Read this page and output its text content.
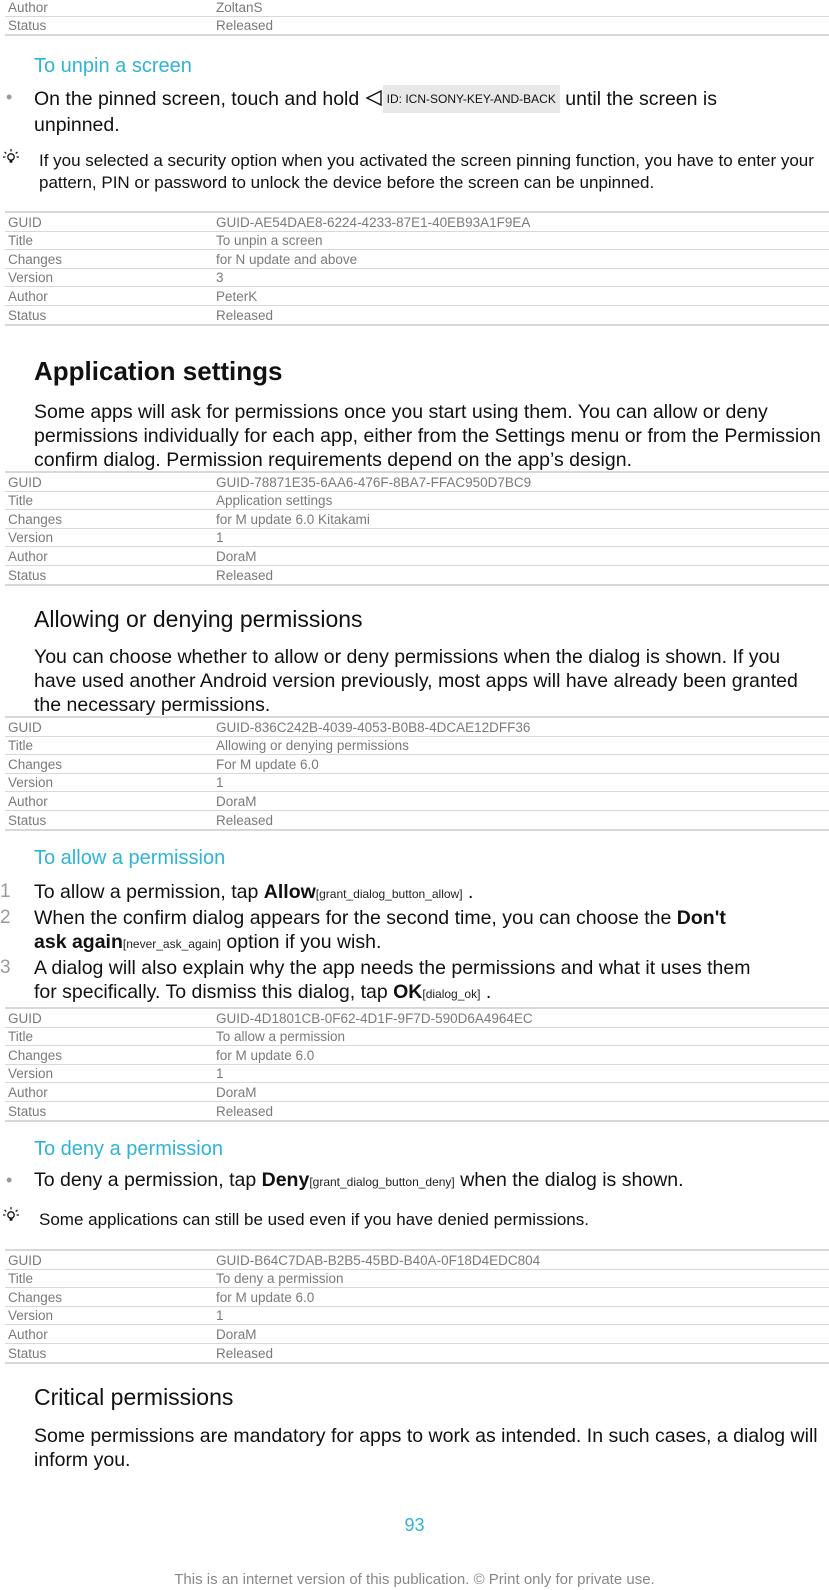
Author	ZoltanS
Status	Released
To unpin a screen
• On the pinned screen, touch and hold ID: ICN-SONY-KEY-AND-BACK until the screen is unpinned.
If you selected a security option when you activated the screen pinning function, you have to enter your pattern, PIN or password to unlock the device before the screen can be unpinned.
GUID	GUID-AE54DAE8-6224-4233-87E1-40EB93A1F9EA
Title	To unpin a screen
Changes	for N update and above
Version	3
Author	PeterK
Status	Released
Application settings
Some apps will ask for permissions once you start using them. You can allow or deny permissions individually for each app, either from the Settings menu or from the Permission confirm dialog. Permission requirements depend on the app’s design.
GUID	GUID-78871E35-6AA6-476F-8BA7-FFAC950D7BC9
Title	Application settings
Changes	for M update 6.0 Kitakami
Version	1
Author	DoraM
Status	Released
Allowing or denying permissions
You can choose whether to allow or deny permissions when the dialog is shown. If you have used another Android version previously, most apps will have already been granted the necessary permissions.
GUID	GUID-836C242B-4039-4053-B0B8-4DCAE12DFF36
Title	Allowing or denying permissions
Changes	For M update 6.0
Version	1
Author	DoraM
Status	Released
To allow a permission
1 To allow a permission, tap Allow[grant_dialog_button_allow] .
2 When the confirm dialog appears for the second time, you can choose the Don't ask again[never_ask_again] option if you wish.
3 A dialog will also explain why the app needs the permissions and what it uses them for specifically. To dismiss this dialog, tap OK[dialog_ok] .
GUID	GUID-4D1801CB-0F62-4D1F-9F7D-590D6A4964EC
Title	To allow a permission
Changes	for M update 6.0
Version	1
Author	DoraM
Status	Released
To deny a permission
• To deny a permission, tap Deny[grant_dialog_button_deny] when the dialog is shown.
Some applications can still be used even if you have denied permissions.
GUID	GUID-B64C7DAB-B2B5-45BD-B40A-0F18D4EDC804
Title	To deny a permission
Changes	for M update 6.0
Version	1
Author	DoraM
Status	Released
Critical permissions
Some permissions are mandatory for apps to work as intended. In such cases, a dialog will inform you.
93
This is an internet version of this publication. © Print only for private use.
